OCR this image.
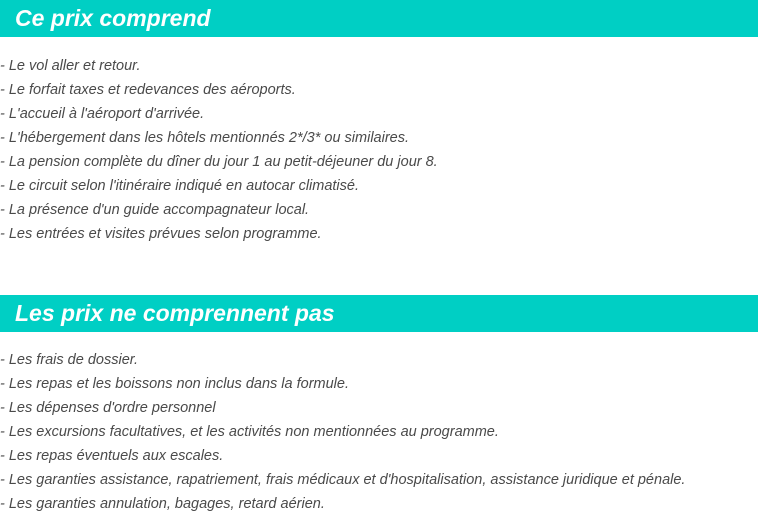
Ce prix comprend
- Le vol aller et retour.
- Le forfait taxes et redevances des aéroports.
- L'accueil à l'aéroport d'arrivée.
- L'hébergement dans les hôtels mentionnés 2*/3* ou similaires.
- La pension complète du dîner du jour 1 au petit-déjeuner du jour 8.
- Le circuit selon l'itinéraire indiqué en autocar climatisé.
- La présence d'un guide accompagnateur local.
- Les entrées et visites prévues selon programme.
Les prix ne comprennent pas
- Les frais de dossier.
- Les repas et les boissons non inclus dans la formule.
- Les dépenses d'ordre personnel
- Les excursions facultatives, et les activités non mentionnées au programme.
- Les repas éventuels aux escales.
- Les garanties assistance, rapatriement, frais médicaux et d'hospitalisation, assistance juridique et pénale.
- Les garanties annulation, bagages, retard aérien.
